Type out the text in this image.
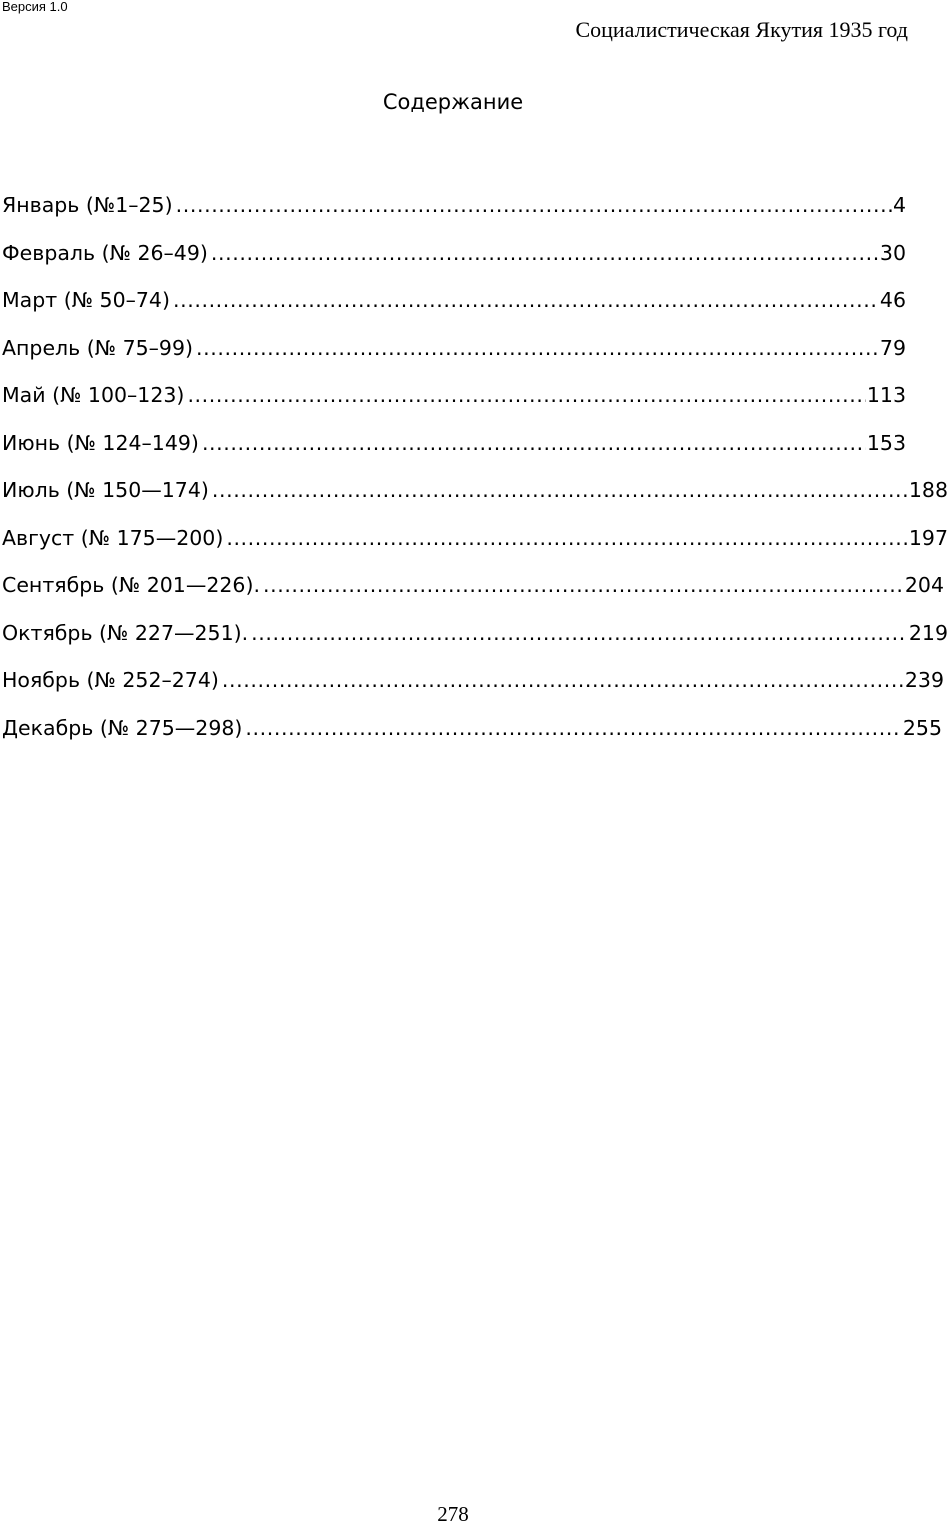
Версия 1.0
Социалистическая Якутия 1935 год
Содержание
Январь (№1–25) .....	4
Февраль (№ 26–49) .....	30
Март (№ 50–74) .....	46
Апрель (№ 75–99) .....	79
Май (№ 100–123) .....	113
Июнь (№ 124–149) .....	153
Июль (№ 150—174) .....	188
Август (№ 175—200) .....	197
Сентябрь (№ 201—226). .....	204
Октябрь (№ 227—251). .....	219
Ноябрь (№ 252–274) .....	239
Декабрь (№ 275—298) .....	255
278
